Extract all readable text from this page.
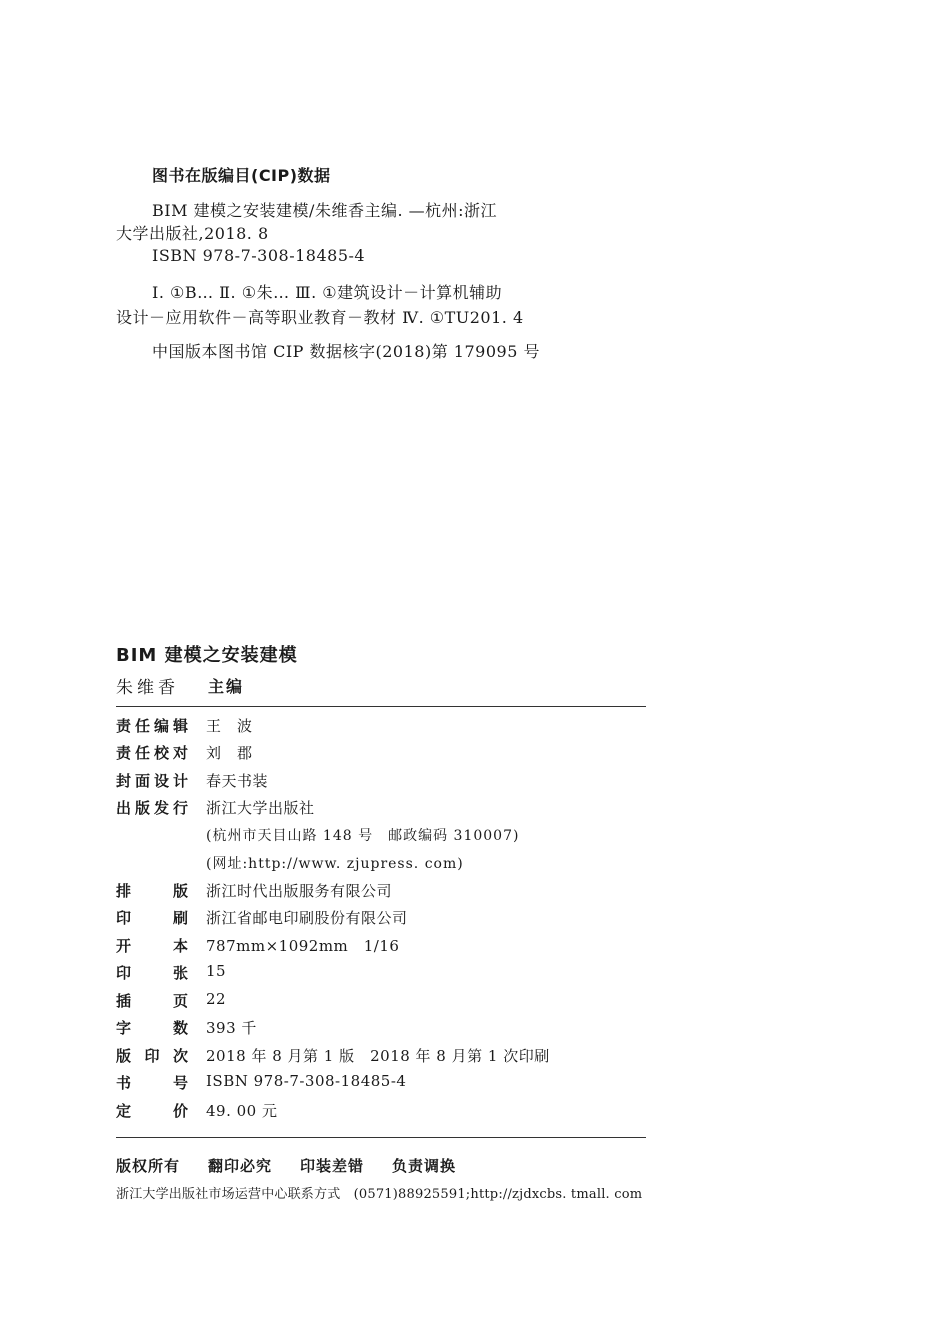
图书在版编目(CIP)数据
BIM 建模之安装建模/朱维香主编. —杭州:浙江
大学出版社,2018. 8
ISBN 978-7-308-18485-4
Ⅰ. ①B… Ⅱ. ①朱… Ⅲ. ①建筑设计－计算机辅助
设计－应用软件－高等职业教育－教材 Ⅳ. ①TU201. 4
中国版本图书馆 CIP 数据核字(2018)第 179095 号
BIM 建模之安装建模
朱维香 主编
责 任 编 辑 王　波
责 任 校 对 刘　郡
封 面 设 计 春天书装
出 版 发 行 浙江大学出版社
(杭州市天目山路 148 号　邮政编码 310007)
(网址:http://www. zjupress. com)
排	版 浙江时代出版服务有限公司
印	刷 浙江省邮电印刷股份有限公司
开	本 787mm×1092mm　1/16
印	张 15
插	页 22
字	数 393 千
版 印 次 2018 年 8 月第 1 版　2018 年 8 月第 1 次印刷
书	号 ISBN 978-7-308-18485-4
定	价 49. 00 元
版权所有 翻印必究 印装差错 负责调换
浙江大学出版社市场运营中心联系方式　(0571)88925591;http://zjdxcbs. tmall. com
